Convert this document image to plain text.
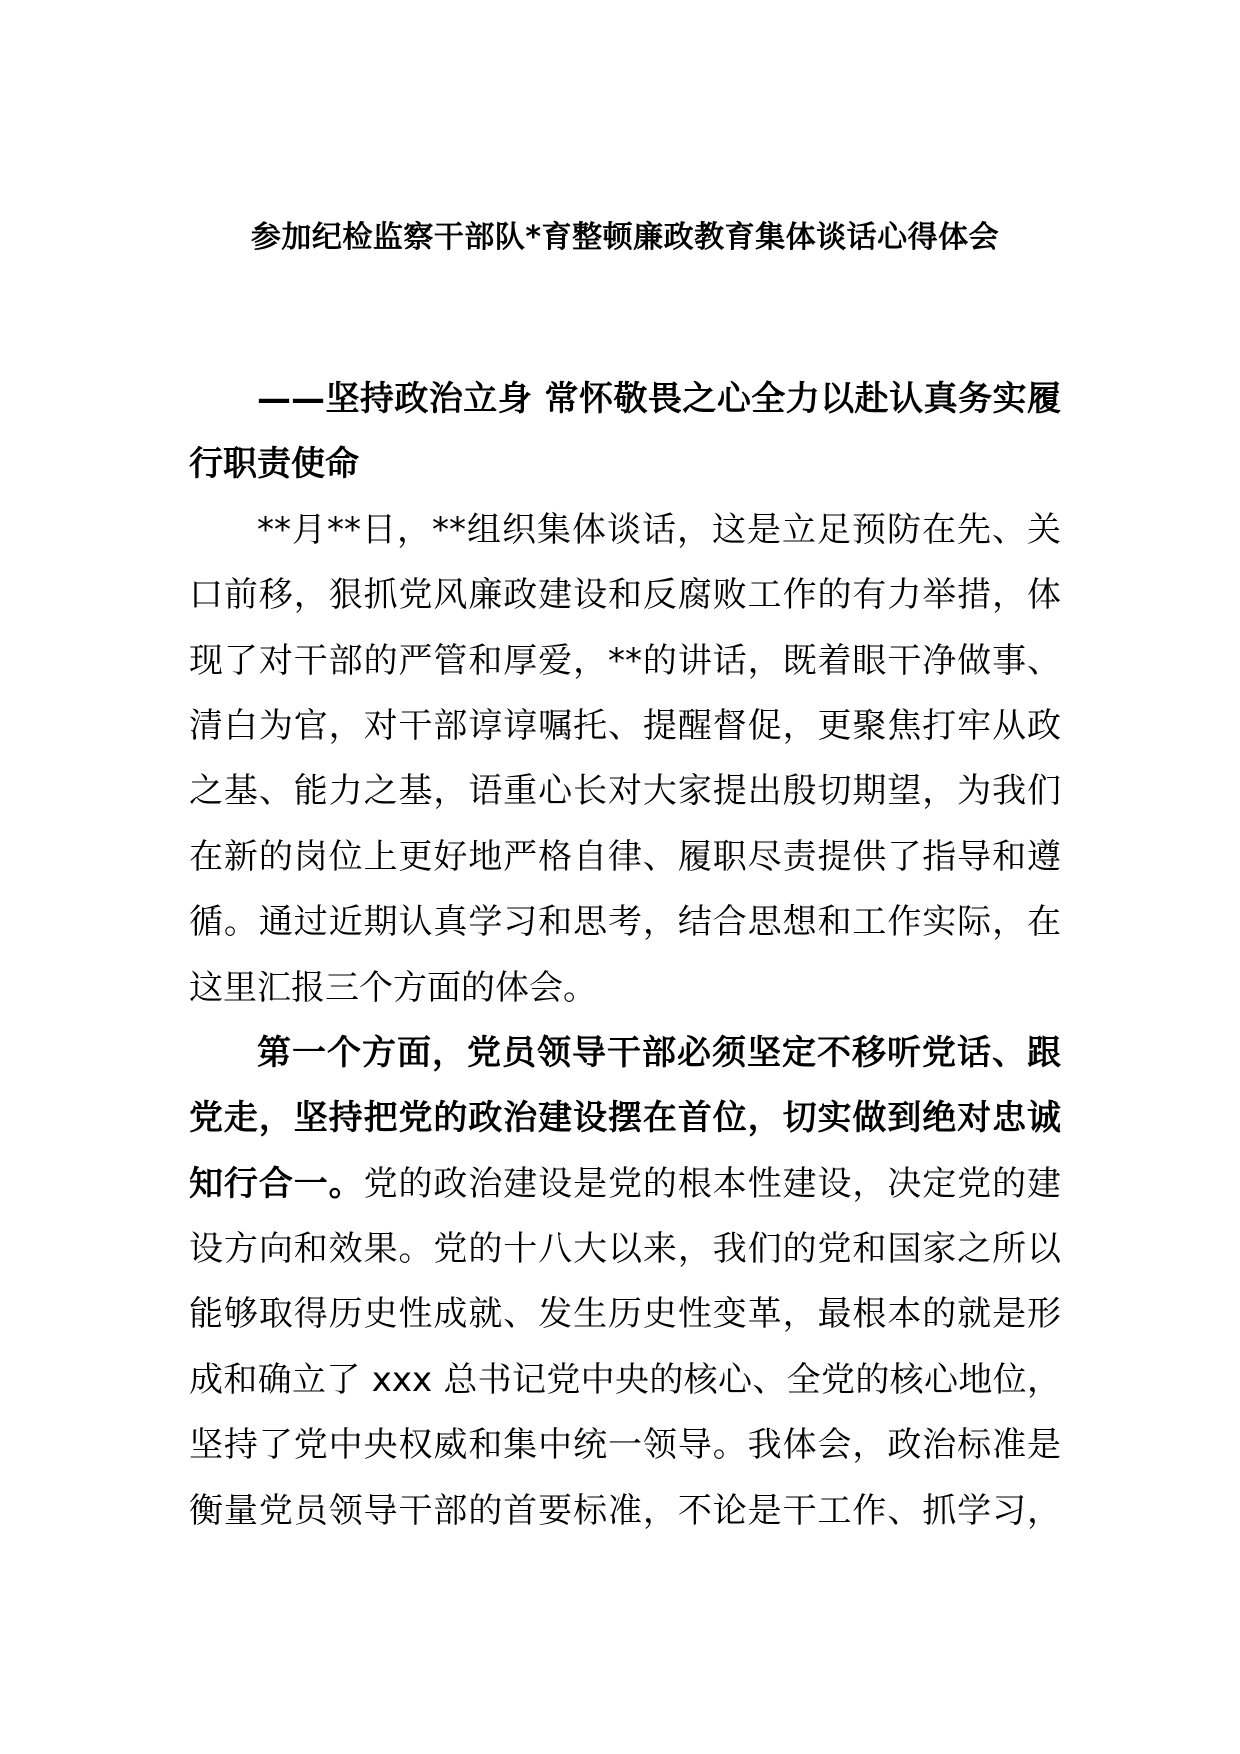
参加纪检监察干部队*育整顿廉政教育集体谈话心得体会
——坚持政治立身 常怀敬畏之心全力以赴认真务实履
行职责使命
**月**日，**组织集体谈话，这是立足预防在先、关
口前移，狠抓党风廉政建设和反腐败工作的有力举措，体
现了对干部的严管和厚爱，**的讲话，既着眼干净做事、
清白为官，对干部谆谆嘱托、提醒督促，更聚焦打牢从政
之基、能力之基，语重心长对大家提出殷切期望，为我们
在新的岗位上更好地严格自律、履职尽责提供了指导和遵
循。通过近期认真学习和思考，结合思想和工作实际，在
这里汇报三个方面的体会。
第一个方面，党员领导干部必须坚定不移听党话、跟
党走，坚持把党的政治建设摆在首位，切实做到绝对忠诚
知行合一。党的政治建设是党的根本性建设，决定党的建
设方向和效果。党的十八大以来，我们的党和国家之所以
能够取得历史性成就、发生历史性变革，最根本的就是形
成和确立了 xxx 总书记党中央的核心、全党的核心地位，
坚持了党中央权威和集中统一领导。我体会，政治标准是
衡量党员领导干部的首要标准，不论是干工作、抓学习，
